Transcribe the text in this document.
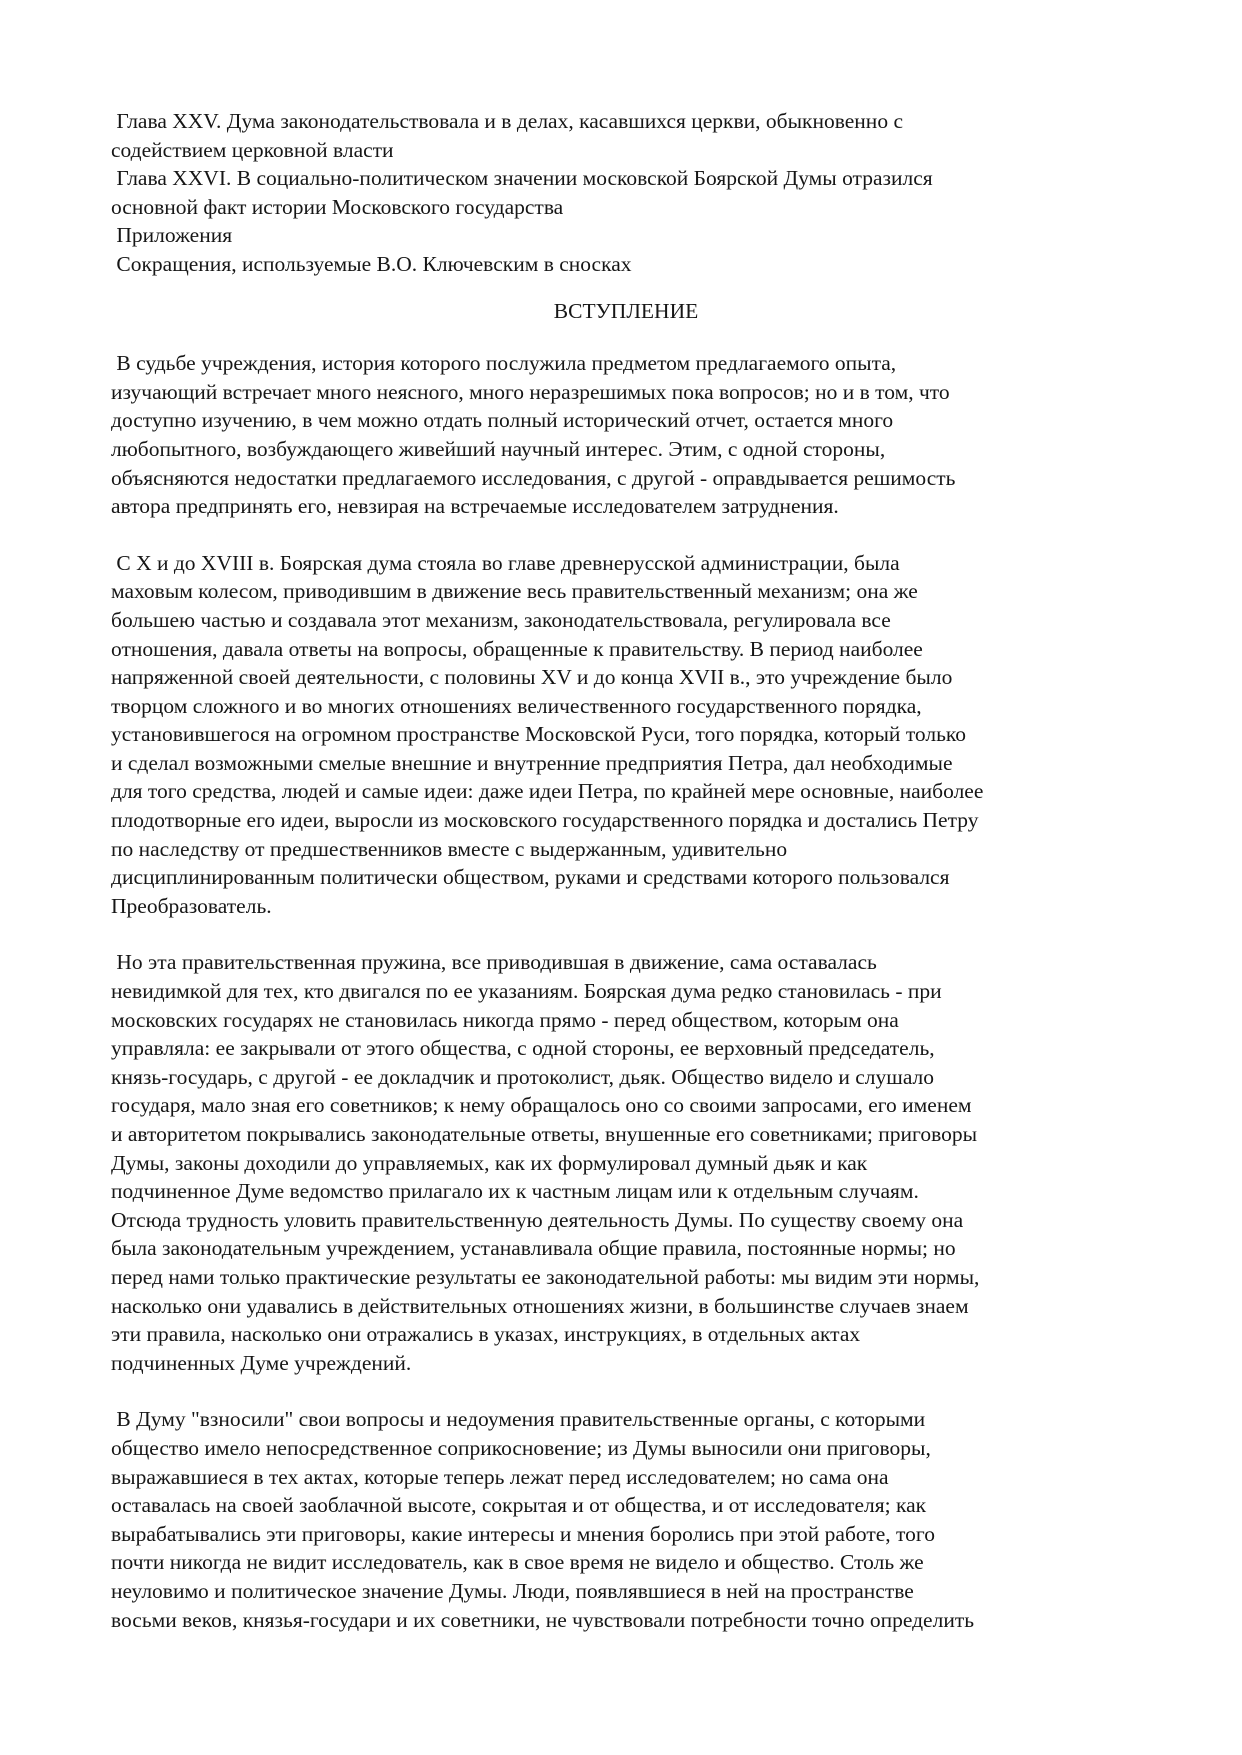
Глава XXV. Дума законодательствовала и в делах, касавшихся церкви, обыкновенно с
содействием церковной власти
Глава XXVI. В социально-политическом значении московской Боярской Думы отразился
основной факт истории Московского государства
Приложения
Сокращения, используемые В.О. Ключевским в сносках
ВСТУПЛЕНИЕ
В судьбе учреждения, история которого послужила предметом предлагаемого опыта,
изучающий встречает много неясного, много неразрешимых пока вопросов; но и в том, что
доступно изучению, в чем можно отдать полный исторический отчет, остается много
любопытного, возбуждающего живейший научный интерес. Этим, с одной стороны,
объясняются недостатки предлагаемого исследования, с другой - оправдывается решимость
автора предпринять его, невзирая на встречаемые исследователем затруднения.
С X и до XVIII в. Боярская дума стояла во главе древнерусской администрации, была
маховым колесом, приводившим в движение весь правительственный механизм; она же
большею частью и создавала этот механизм, законодательствовала, регулировала все
отношения, давала ответы на вопросы, обращенные к правительству. В период наиболее
напряженной своей деятельности, с половины XV и до конца XVII в., это учреждение было
творцом сложного и во многих отношениях величественного государственного порядка,
установившегося на огромном пространстве Московской Руси, того порядка, который только
и сделал возможными смелые внешние и внутренние предприятия Петра, дал необходимые
для того средства, людей и самые идеи: даже идеи Петра, по крайней мере основные, наиболее
плодотворные его идеи, выросли из московского государственного порядка и достались Петру
по наследству от предшественников вместе с выдержанным, удивительно
дисциплинированным политически обществом, руками и средствами которого пользовался
Преобразователь.
Но эта правительственная пружина, все приводившая в движение, сама оставалась
невидимкой для тех, кто двигался по ее указаниям. Боярская дума редко становилась - при
московских государях не становилась никогда прямо - перед обществом, которым она
управляла: ее закрывали от этого общества, с одной стороны, ее верховный председатель,
князь-государь, с другой - ее докладчик и протоколист, дьяк. Общество видело и слушало
государя, мало зная его советников; к нему обращалось оно со своими запросами, его именем
и авторитетом покрывались законодательные ответы, внушенные его советниками; приговоры
Думы, законы доходили до управляемых, как их формулировал думный дьяк и как
подчиненное Думе ведомство прилагало их к частным лицам или к отдельным случаям.
Отсюда трудность уловить правительственную деятельность Думы. По существу своему она
была законодательным учреждением, устанавливала общие правила, постоянные нормы; но
перед нами только практические результаты ее законодательной работы: мы видим эти нормы,
насколько они удавались в действительных отношениях жизни, в большинстве случаев знаем
эти правила, насколько они отражались в указах, инструкциях, в отдельных актах
подчиненных Думе учреждений.
В Думу "взносили" свои вопросы и недоумения правительственные органы, с которыми
общество имело непосредственное соприкосновение; из Думы выносили они приговоры,
выражавшиеся в тех актах, которые теперь лежат перед исследователем; но сама она
оставалась на своей заоблачной высоте, сокрытая и от общества, и от исследователя; как
вырабатывались эти приговоры, какие интересы и мнения боролись при этой работе, того
почти никогда не видит исследователь, как в свое время не видело и общество. Столь же
неуловимо и политическое значение Думы. Люди, появлявшиеся в ней на пространстве
восьми веков, князья-государи и их советники, не чувствовали потребности точно определить
